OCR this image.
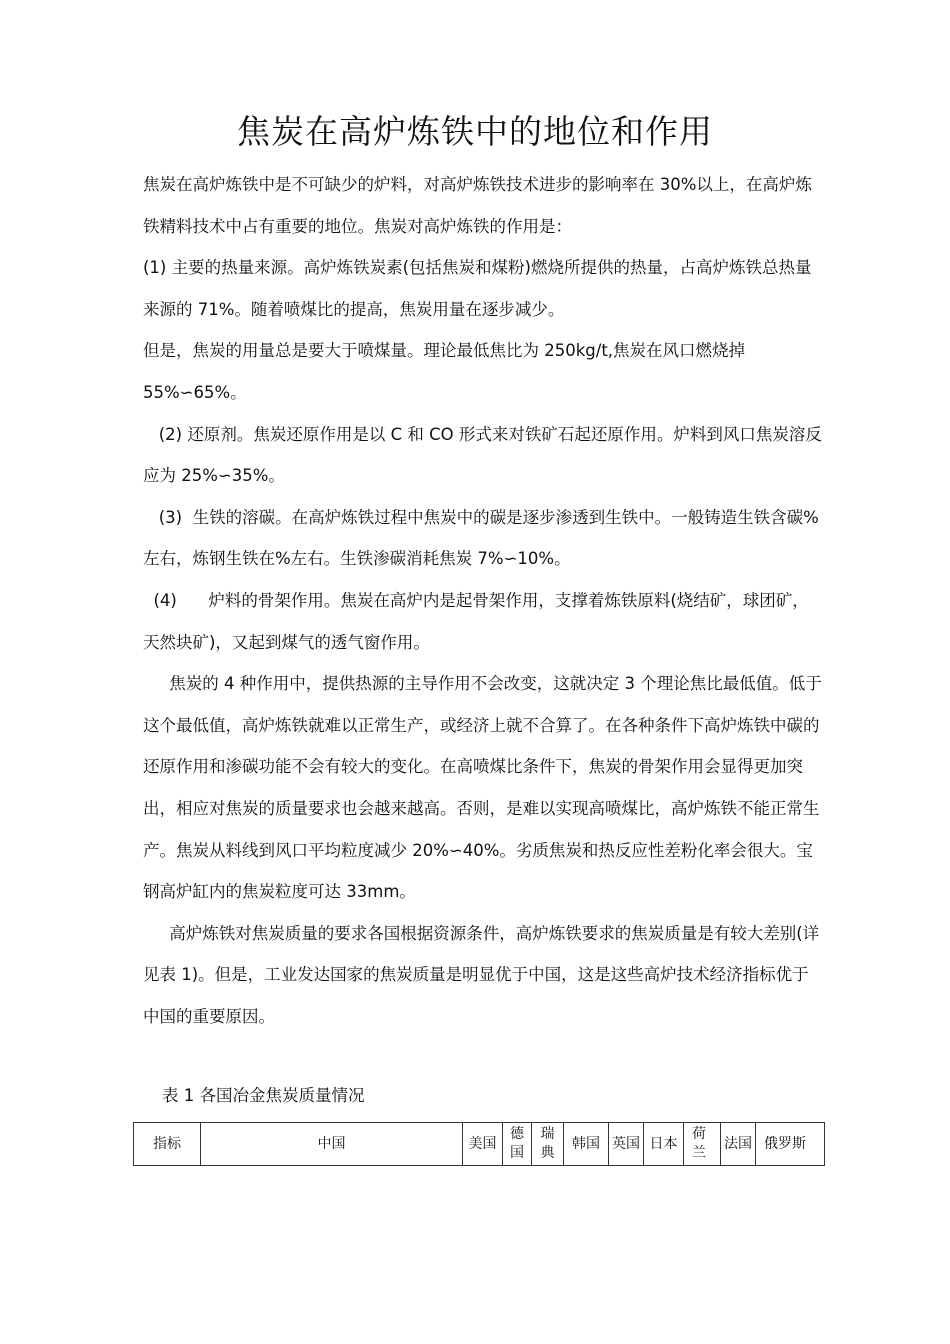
焦炭在高炉炼铁中的地位和作用

焦炭在高炉炼铁中是不可缺少的炉料，对高炉炼铁技术进步的影响率在 30%以上，在高炉炼铁精料技术中占有重要的地位。焦炭对高炉炼铁的作用是：

(1) 主要的热量来源。高炉炼铁炭素(包括焦炭和煤粉)燃烧所提供的热量，占高炉炼铁总热量来源的 71%。随着喷煤比的提高，焦炭用量在逐步减少。

但是，焦炭的用量总是要大于喷煤量。理论最低焦比为 250kg/t,焦炭在风口燃烧掉 55%∽65%。

(2) 还原剂。焦炭还原作用是以 C 和 CO 形式来对铁矿石起还原作用。炉料到风口焦炭溶反应为 25%∽35%。

(3)  生铁的溶碳。在高炉炼铁过程中焦炭中的碳是逐步渗透到生铁中。一般铸造生铁含碳%左右，炼钢生铁在%左右。生铁渗碳消耗焦炭 7%∽10%。

(4)      炉料的骨架作用。焦炭在高炉内是起骨架作用，支撑着炼铁原料(烧结矿，球团矿，天然块矿)，又起到煤气的透气窗作用。

焦炭的 4 种作用中，提供热源的主导作用不会改变，这就决定 3 个理论焦比最低值。低于这个最低值，高炉炼铁就难以正常生产，或经济上就不合算了。在各种条件下高炉炼铁中碳的还原作用和渗碳功能不会有较大的变化。在高喷煤比条件下，焦炭的骨架作用会显得更加突出，相应对焦炭的质量要求也会越来越高。否则，是难以实现高喷煤比，高炉炼铁不能正常生产。焦炭从料线到风口平均粒度减少 20%∽40%。劣质焦炭和热反应性差粉化率会很大。宝钢高炉缸内的焦炭粒度可达 33mm。

高炉炼铁对焦炭质量的要求各国根据资源条件，高炉炼铁要求的焦炭质量是有较大差别(详见表 1)。但是，工业发达国家的焦炭质量是明显优于中国，这是这些高炉技术经济指标优于中国的重要原因。

表 1 各国冶金焦炭质量情况
指标	中国	美国	德国	瑞典	韩国	英国	日本	荷兰	法国	俄罗斯
